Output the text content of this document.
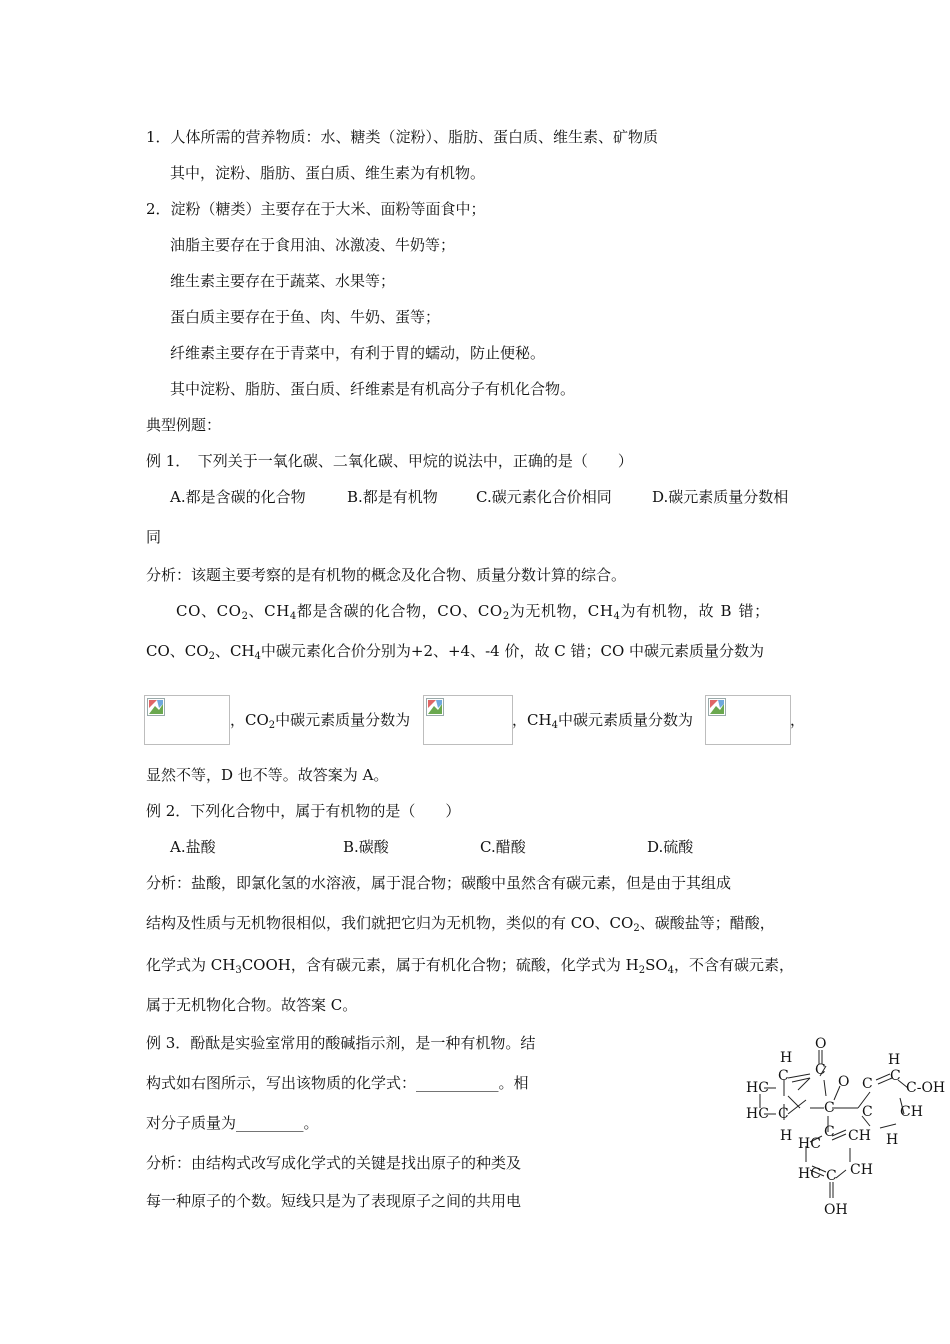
1．人体所需的营养物质：水、糖类（淀粉）、脂肪、蛋白质、维生素、矿物质
其中，淀粉、脂肪、蛋白质、维生素为有机物。
2．淀粉（糖类）主要存在于大米、面粉等面食中；
油脂主要存在于食用油、冰激凌、牛奶等；
维生素主要存在于蔬菜、水果等；
蛋白质主要存在于鱼、肉、牛奶、蛋等；
纤维素主要存在于青菜中，有利于胃的蠕动，防止便秘。
其中淀粉、脂肪、蛋白质、纤维素是有机高分子有机化合物。
典型例题：
例 1．　下列关于一氧化碳、二氧化碳、甲烷的说法中，正确的是（　　）
A.都是含碳的化合物	B.都是有机物	C.碳元素化合价相同	D.碳元素质量分数相
同
分析：该题主要考察的是有机物的概念及化合物、质量分数计算的综合。
CO、$CO_2$、$CH_4$都是含碳的化合物，CO、$CO_2$为无机物，$CH_4$为有机物，故 B 错；
CO、$CO_2$、$CH_4$中碳元素化合价分别为+2、+4、-4 价，故 C 错；CO 中碳元素质量分数为
，$CO_2$中碳元素质量分数为	，$CH_4$中碳元素质量分数为	，
显然不等，D 也不等。故答案为 A。
例 2．下列化合物中，属于有机物的是（　　）
A.盐酸	B.碳酸	C.醋酸	D.硫酸
分析：盐酸，即氯化氢的水溶液，属于混合物；碳酸中虽然含有碳元素，但是由于其组成
结构及性质与无机物很相似，我们就把它归为无机物，类似的有 CO、$CO_2$、碳酸盐等；醋酸，
化学式为 $CH_3COOH$，含有碳元素，属于有机化合物；硫酸，化学式为 $H_2SO_4$，不含有碳元素，
属于无机物化合物。故答案 C。
例 3．酚酞是实验室常用的酸碱指示剂，是一种有机物。结
构式如右图所示，写出该物质的化学式：___________。相
对分子质量为_________。
分析：由结构式改写成化学式的关键是找出原子的种类及
每一种原子的个数。短线只是为了表现原子之间的共用电
O
C
O
C
H
C
HC
HC C
H
H
C C
C
C-OH
CH
H
C CH
HC
HC CH
C
OH
